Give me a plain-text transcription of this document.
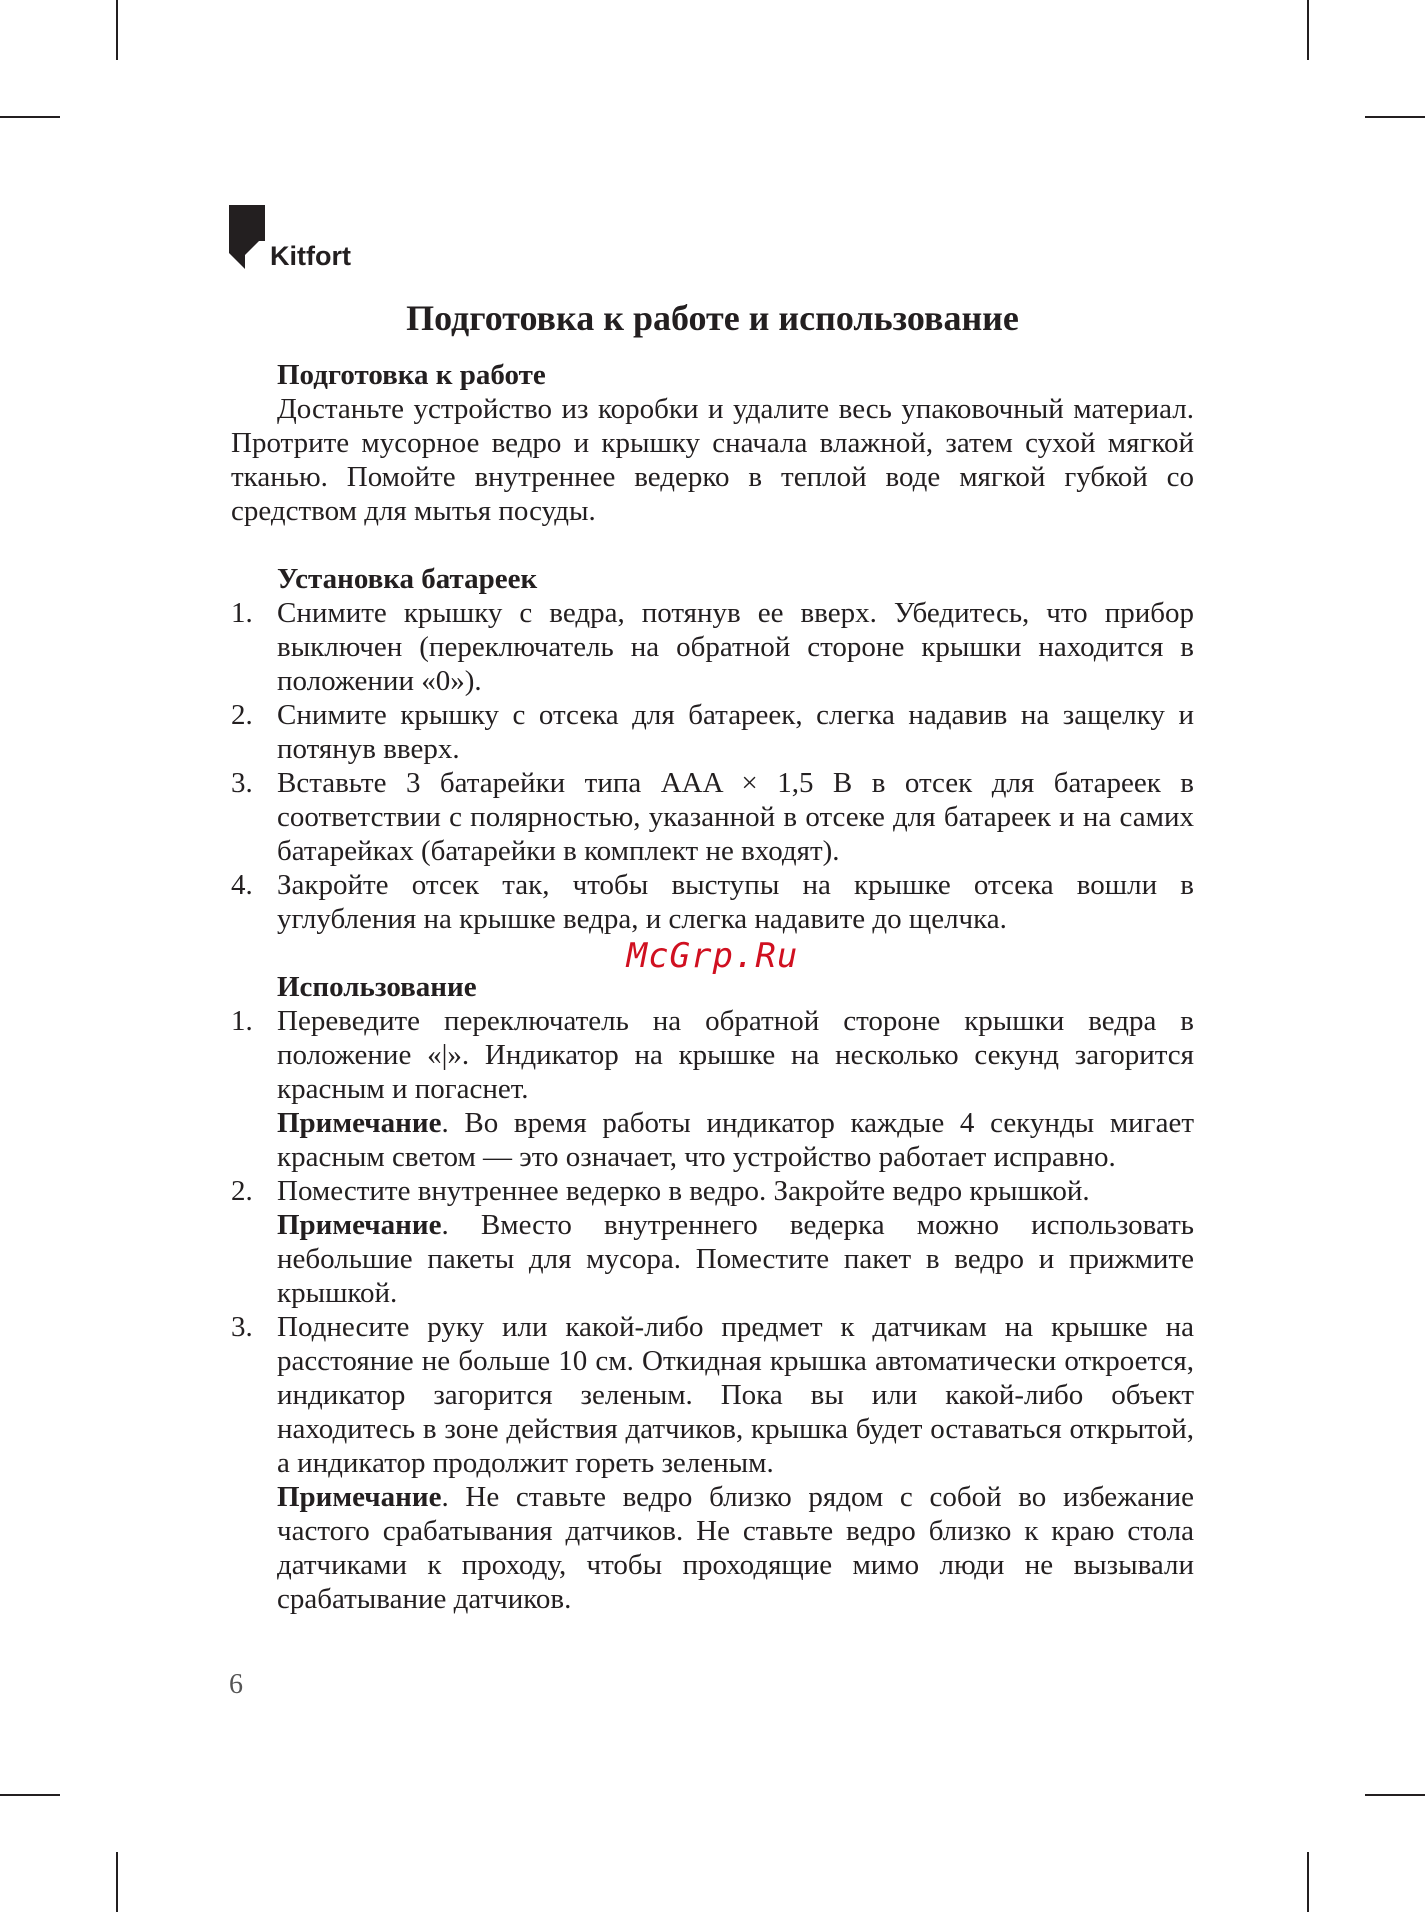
Kitfort
Подготовка к работе и использование

Подготовка к работе

Достаньте устройство из коробки и удалите весь упаковочный материал. Протрите мусорное ведро и крышку сначала влажной, затем сухой мягкой тканью. Помойте внутреннее ведерко в теплой воде мягкой губкой со средством для мытья посуды.

Установка батареек

1. Снимите крышку с ведра, потянув ее вверх. Убедитесь, что прибор выключен (переключатель на обратной стороне крышки находится в положении «0»).
2. Снимите крышку с отсека для батареек, слегка надавив на защелку и потянув вверх.
3. Вставьте 3 батарейки типа AAA × 1,5 В в отсек для батареек в соответствии с полярностью, указанной в отсеке для батареек и на самих батарейках (батарейки в комплект не входят).
4. Закройте отсек так, чтобы выступы на крышке отсека вошли в углубления на крышке ведра, и слегка надавите до щелчка.

Использование

1. Переведите переключатель на обратной стороне крышки ведра в положение «|». Индикатор на крышке на несколько секунд загорится красным и погаснет.

Примечание. Во время работы индикатор каждые 4 секунды мигает красным светом — это означает, что устройство работает исправно.

2. Поместите внутреннее ведерко в ведро. Закройте ведро крышкой.

Примечание. Вместо внутреннего ведерка можно использовать небольшие пакеты для мусора. Поместите пакет в ведро и прижмите крышкой.

3. Поднесите руку или какой-либо предмет к датчикам на крышке на расстояние не больше 10 см. Откидная крышка автоматически откроется, индикатор загорится зеленым. Пока вы или какой-либо объект находитесь в зоне действия датчиков, крышка будет оставаться открытой, а индикатор продолжит гореть зеленым.

Примечание. Не ставьте ведро близко рядом с собой во избежание частого срабатывания датчиков. Не ставьте ведро близко к краю стола датчиками к проходу, чтобы проходящие мимо люди не вызывали срабатывание датчиков.

McGrp.Ru
6
